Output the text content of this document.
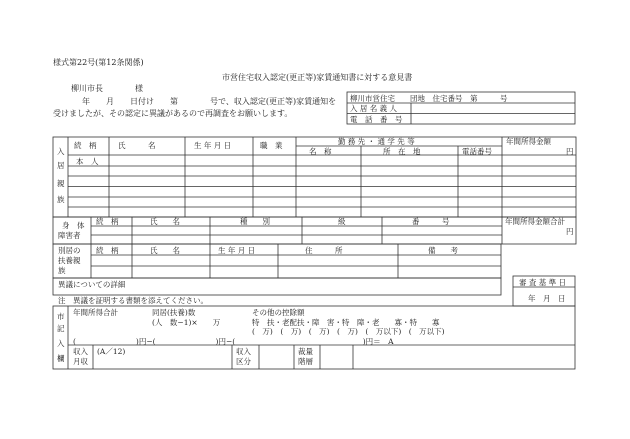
様式第22号(第12条関係)
市営住宅収入認定(更正等)家賃通知書に対する意見書
柳川市長　　　　様
年　　月　　日付け　　第　　　　号で、収入認定(更正等)家賃通知を
受けましたが、その認定に異議があるので再調査をお願いします。
柳川市営住宅　　団地　住宅番号　第　　　号
入 居 名 義 人
電　話　番　号
入
居
親
族
続　柄	氏　　　名	生 年 月 日	職　業	勤 務 先 ・ 通 学 先 等
名　称	所　在　地	電話番号
年間所得金額
円
本　人
身　体
障害者
続　柄	氏　　名	種　　別	級	番　　　号	年間所得金額合計
円
別居の
扶養親
族
続　柄	氏　　名	生 年 月 日	住　　　所	備　　考
異議についての詳細	審 査 基 準 日
年　月　日
注　異議を証明する書類を添えてください。
市
記
入
欄
年間所得合計	同居(扶養)数
(人　数−1)×　　万
その他の控除額
特　扶・老配扶・障　害・特　障・老　　寡・特　　寡
(　万)　(　万)　(　万)　(　万)　(　万以下)　(　万以下)
(　　　　　　　　)円−(　　　　　　　　)円−(　　　　　　　　　　　　　　　　　)円＝　A
収入
月収
(A／12)	収入
区分
裁量
階層
